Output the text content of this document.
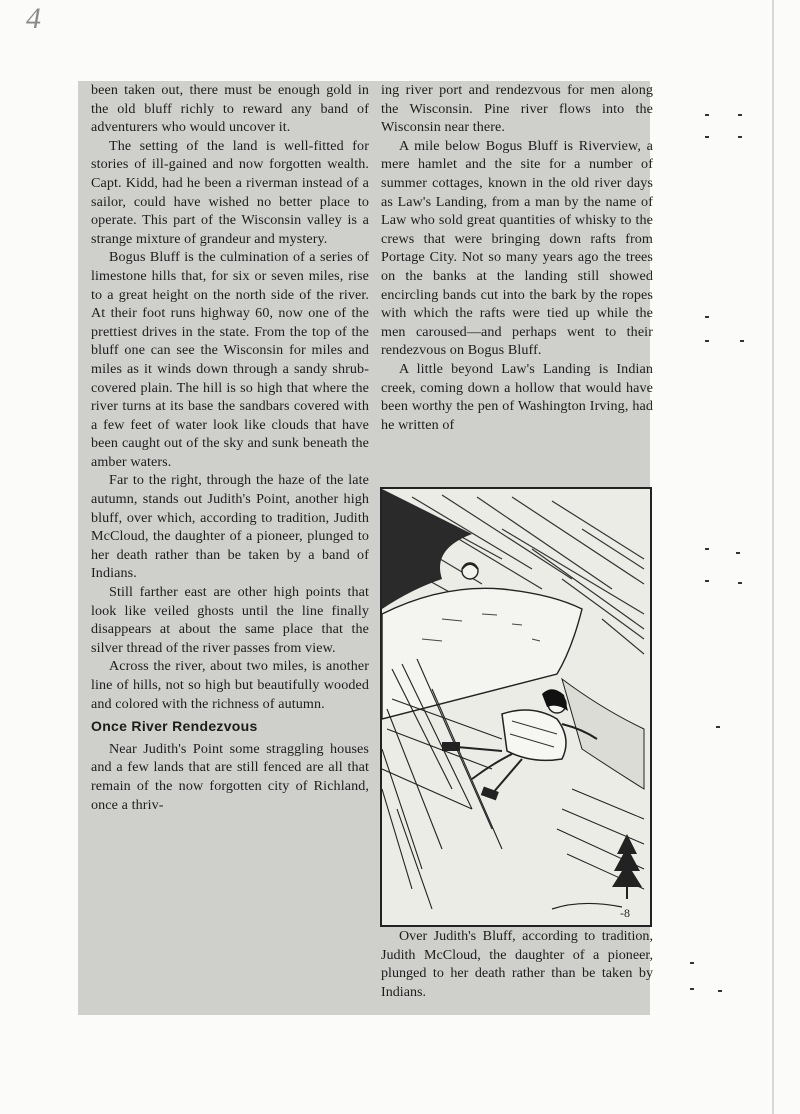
4

been taken out, there must be enough gold in the old bluff richly to reward any band of adventurers who would uncover it.

The setting of the land is well-fitted for stories of ill-gained and now forgotten wealth. Capt. Kidd, had he been a riverman instead of a sailor, could have wished no better place to operate. This part of the Wisconsin valley is a strange mixture of grandeur and mystery.

Bogus Bluff is the culmination of a series of limestone hills that, for six or seven miles, rise to a great height on the north side of the river. At their foot runs highway 60, now one of the prettiest drives in the state. From the top of the bluff one can see the Wisconsin for miles and miles as it winds down through a sandy shrub-covered plain. The hill is so high that where the river turns at its base the sandbars covered with a few feet of water look like clouds that have been caught out of the sky and sunk beneath the amber waters.

Far to the right, through the haze of the late autumn, stands out Judith's Point, another high bluff, over which, according to tradition, Judith McCloud, the daughter of a pioneer, plunged to her death rather than be taken by a band of Indians.

Still farther east are other high points that look like veiled ghosts until the line finally disappears at about the same place that the silver thread of the river passes from view.

Across the river, about two miles, is another line of hills, not so high but beautifully wooded and colored with the richness of autumn.

Once River Rendezvous

Near Judith's Point some straggling houses and a few lands that are still fenced are all that remain of the now forgotten city of Richland, once a thriv-

ing river port and rendezvous for men along the Wisconsin. Pine river flows into the Wisconsin near there.

A mile below Bogus Bluff is Riverview, a mere hamlet and the site for a number of summer cottages, known in the old river days as Law's Landing, from a man by the name of Law who sold great quantities of whisky to the crews that were bringing down rafts from Portage City. Not so many years ago the trees on the banks at the landing still showed encircling bands cut into the bark by the ropes with which the rafts were tied up while the men caroused—and perhaps went to their rendezvous on Bogus Bluff.

A little beyond Law's Landing is Indian creek, coming down a hollow that would have been worthy the pen of Washington Irving, had he written of

-8
Over Judith's Bluff, according to tradition, Judith McCloud, the daughter of a pioneer, plunged to her death rather than be taken by Indians.
